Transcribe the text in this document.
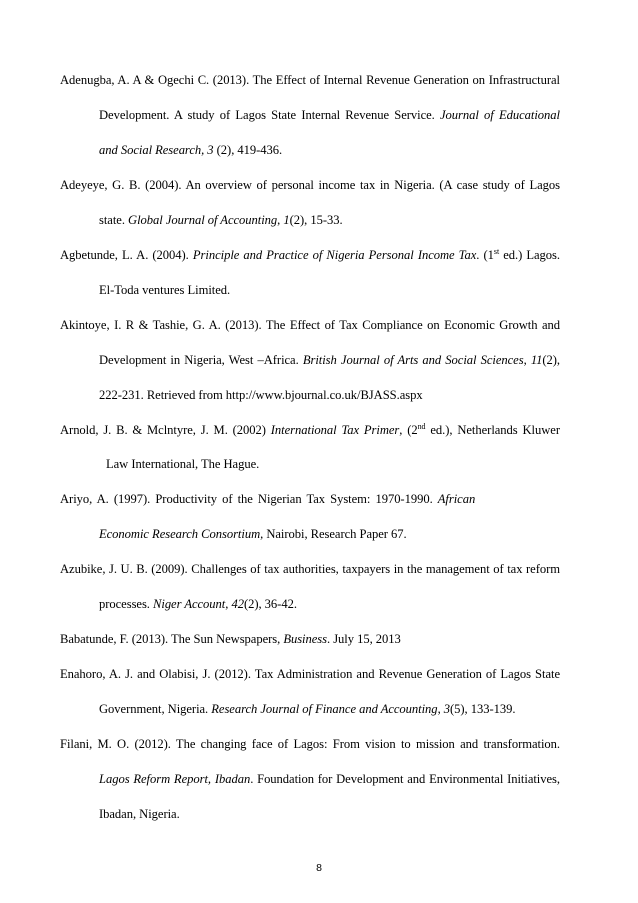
Adenugba, A. A & Ogechi C. (2013). The Effect of Internal Revenue Generation on Infrastructural
Development. A study of Lagos State Internal Revenue Service. Journal of Educational
and Social Research, 3 (2), 419-436.
Adeyeye, G. B. (2004). An overview of personal income tax in Nigeria. (A case study of Lagos
state. Global Journal of Accounting, 1(2), 15-33.
Agbetunde, L. A. (2004). Principle and Practice of Nigeria Personal Income Tax. (1st ed.) Lagos.
El-Toda ventures Limited.
Akintoye, I. R & Tashie, G. A. (2013). The Effect of Tax Compliance on Economic Growth and
Development in Nigeria, West –Africa. British Journal of Arts and Social Sciences, 11(2),
222-231. Retrieved from http://www.bjournal.co.uk/BJASS.aspx
Arnold, J. B. & Mclntyre, J. M. (2002) International Tax Primer, (2nd ed.), Netherlands Kluwer
Law International, The Hague.
Ariyo, A. (1997). Productivity of the Nigerian Tax System: 1970-1990. African
Economic Research Consortium, Nairobi, Research Paper 67.
Azubike, J. U. B. (2009). Challenges of tax authorities, taxpayers in the management of tax reform
processes. Niger Account, 42(2), 36-42.
Babatunde, F. (2013). The Sun Newspapers, Business. July 15, 2013
Enahoro, A. J. and Olabisi, J. (2012). Tax Administration and Revenue Generation of Lagos State
Government, Nigeria. Research Journal of Finance and Accounting, 3(5), 133-139.
Filani, M. O. (2012). The changing face of Lagos: From vision to mission and transformation.
Lagos Reform Report, Ibadan. Foundation for Development and Environmental Initiatives,
Ibadan, Nigeria.
8
